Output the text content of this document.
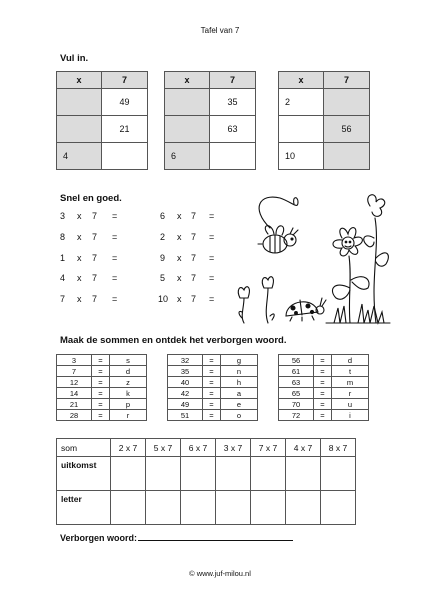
Tafel van 7
Vul in.
x	7
	49
	21
4	
x	7
	35
	63
6	
x	7
2	
	56
10	
Snel en goed.
3 x 7 =
8 x 7 =
1 x 7 =
4 x 7 =
7 x 7 =
6 x 7 =
2 x 7 =
9 x 7 =
5 x 7 =
10 x 7 =
Maak de sommen en ontdek het verborgen woord.
3	=	s
7	=	d
12	=	z
14	=	k
21	=	p
28	=	r
32	=	g
35	=	n
40	=	h
42	=	a
49	=	e
51	=	o
56	=	d
61	=	t
63	=	m
65	=	r
70	=	u
72	=	i
som	2 x 7	5 x 7	6 x 7	3 x 7	7 x 7	4 x 7	8 x 7
uitkomst							
letter							
Verborgen woord:
© www.juf-milou.nl
